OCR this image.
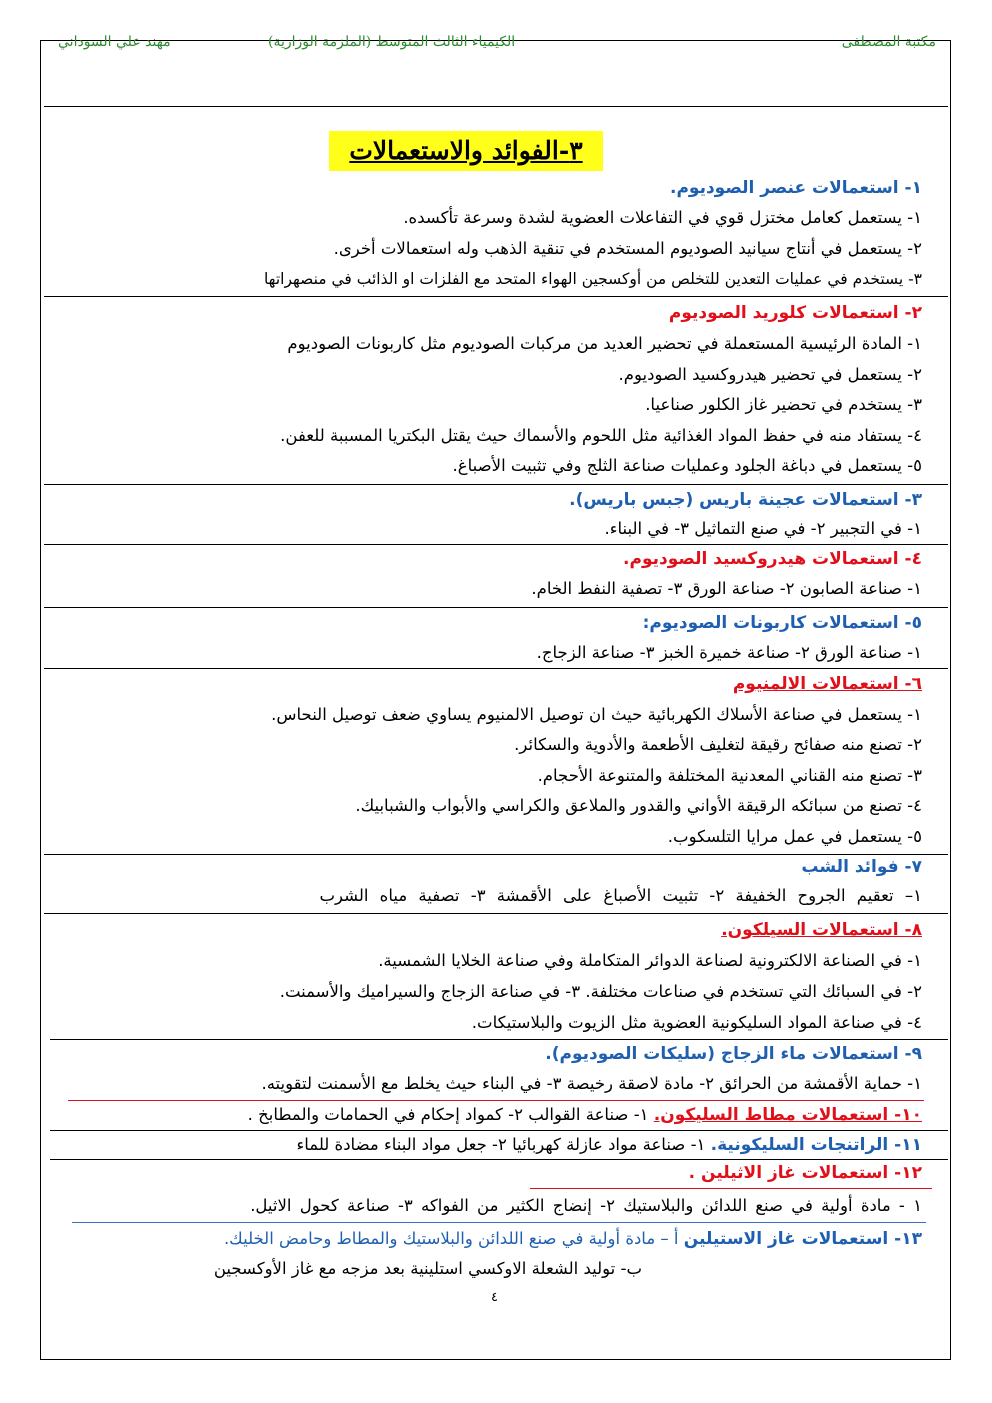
مكتبة المصطفى
الكيمياء الثالث المتوسط (الملزمة الوزارية)
مهند علي السوداني
٣-الفوائد والاستعمالات
١- استعمالات عنصر الصوديوم.
١- يستعمل كعامل مختزل قوي في التفاعلات العضوية لشدة وسرعة تأكسده.
٢- يستعمل في أنتاج سيانيد الصوديوم المستخدم في تنقية الذهب وله استعمالات أخرى.
٣- يستخدم في عمليات التعدين للتخلص من أوكسجين الهواء المتحد مع الفلزات او الذائب في منصهراتها
٢- استعمالات كلوريد الصوديوم
١- المادة الرئيسية المستعملة في تحضير العديد من مركبات الصوديوم مثل كاربونات الصوديوم
٢- يستعمل في تحضير هيدروكسيد الصوديوم.
٣- يستخدم في تحضير غاز الكلور صناعيا.
٤- يستفاد منه في حفظ المواد الغذائية مثل اللحوم والأسماك حيث يقتل البكتريا المسببة للعفن.
٥- يستعمل في دباغة الجلود وعمليات صناعة الثلج وفي تثبيت الأصباغ.
٣- استعمالات عجينة باريس (جبس باريس).
١- في التجبير ٢- في صنع التماثيل ٣- في البناء.
٤- استعمالات هيدروكسيد الصوديوم.
١- صناعة الصابون ٢- صناعة الورق ٣- تصفية النفط الخام.
٥- استعمالات كاربونات الصوديوم:
١- صناعة الورق ٢- صناعة خميرة الخبز ٣- صناعة الزجاج.
٦- استعمالات الالمنيوم
١- يستعمل في صناعة الأسلاك الكهربائية حيث ان توصيل الالمنيوم يساوي ضعف توصيل النحاس.
٢- تصنع منه صفائح رقيقة لتغليف الأطعمة والأدوية والسكائر.
٣- تصنع منه القناني المعدنية المختلفة والمتنوعة الأحجام.
٤- تصنع من سبائكه الرقيقة الأواني والقدور والملاعق والكراسي والأبواب والشبابيك.
٥- يستعمل في عمل مرايا التلسكوب.
٧- فوائد الشب
١– تعقيم الجروح الخفيفة ٢- تثبيت الأصباغ على الأقمشة ٣- تصفية مياه الشرب
٨- استعمالات السيلكون.
١- في الصناعة الالكترونية لصناعة الدوائر المتكاملة وفي صناعة الخلايا الشمسية.
٢- في السبائك التي تستخدم في صناعات مختلفة. ٣- في صناعة الزجاج والسيراميك والأسمنت.
٤- في صناعة المواد السليكونية العضوية مثل الزيوت والبلاستيكات.
٩- استعمالات ماء الزجاج (سليكات الصوديوم).
١- حماية الأقمشة من الحرائق ٢- مادة لاصقة رخيصة ٣- في البناء حيث يخلط مع الأسمنت لتقويته.
١٠- استعمالات مطاط السليكون. ١- صناعة القوالب ٢- كمواد إحكام في الحمامات والمطابخ .
١١- الراتنجات السليكونية. ١- صناعة مواد عازلة كهربائيا ٢- جعل مواد البناء مضادة للماء
١٢- استعمالات غاز الاثيلين .
١ - مادة أولية في صنع اللدائن والبلاستيك ٢- إنضاج الكثير من الفواكه ٣- صناعة كحول الاثيل.
١٣- استعمالات غاز الاستيلين أ – مادة أولية في صنع اللدائن والبلاستيك والمطاط وحامض الخليك.
ب- توليد الشعلة الاوكسي استلينية بعد مزجه مع غاز الأوكسجين
٤
